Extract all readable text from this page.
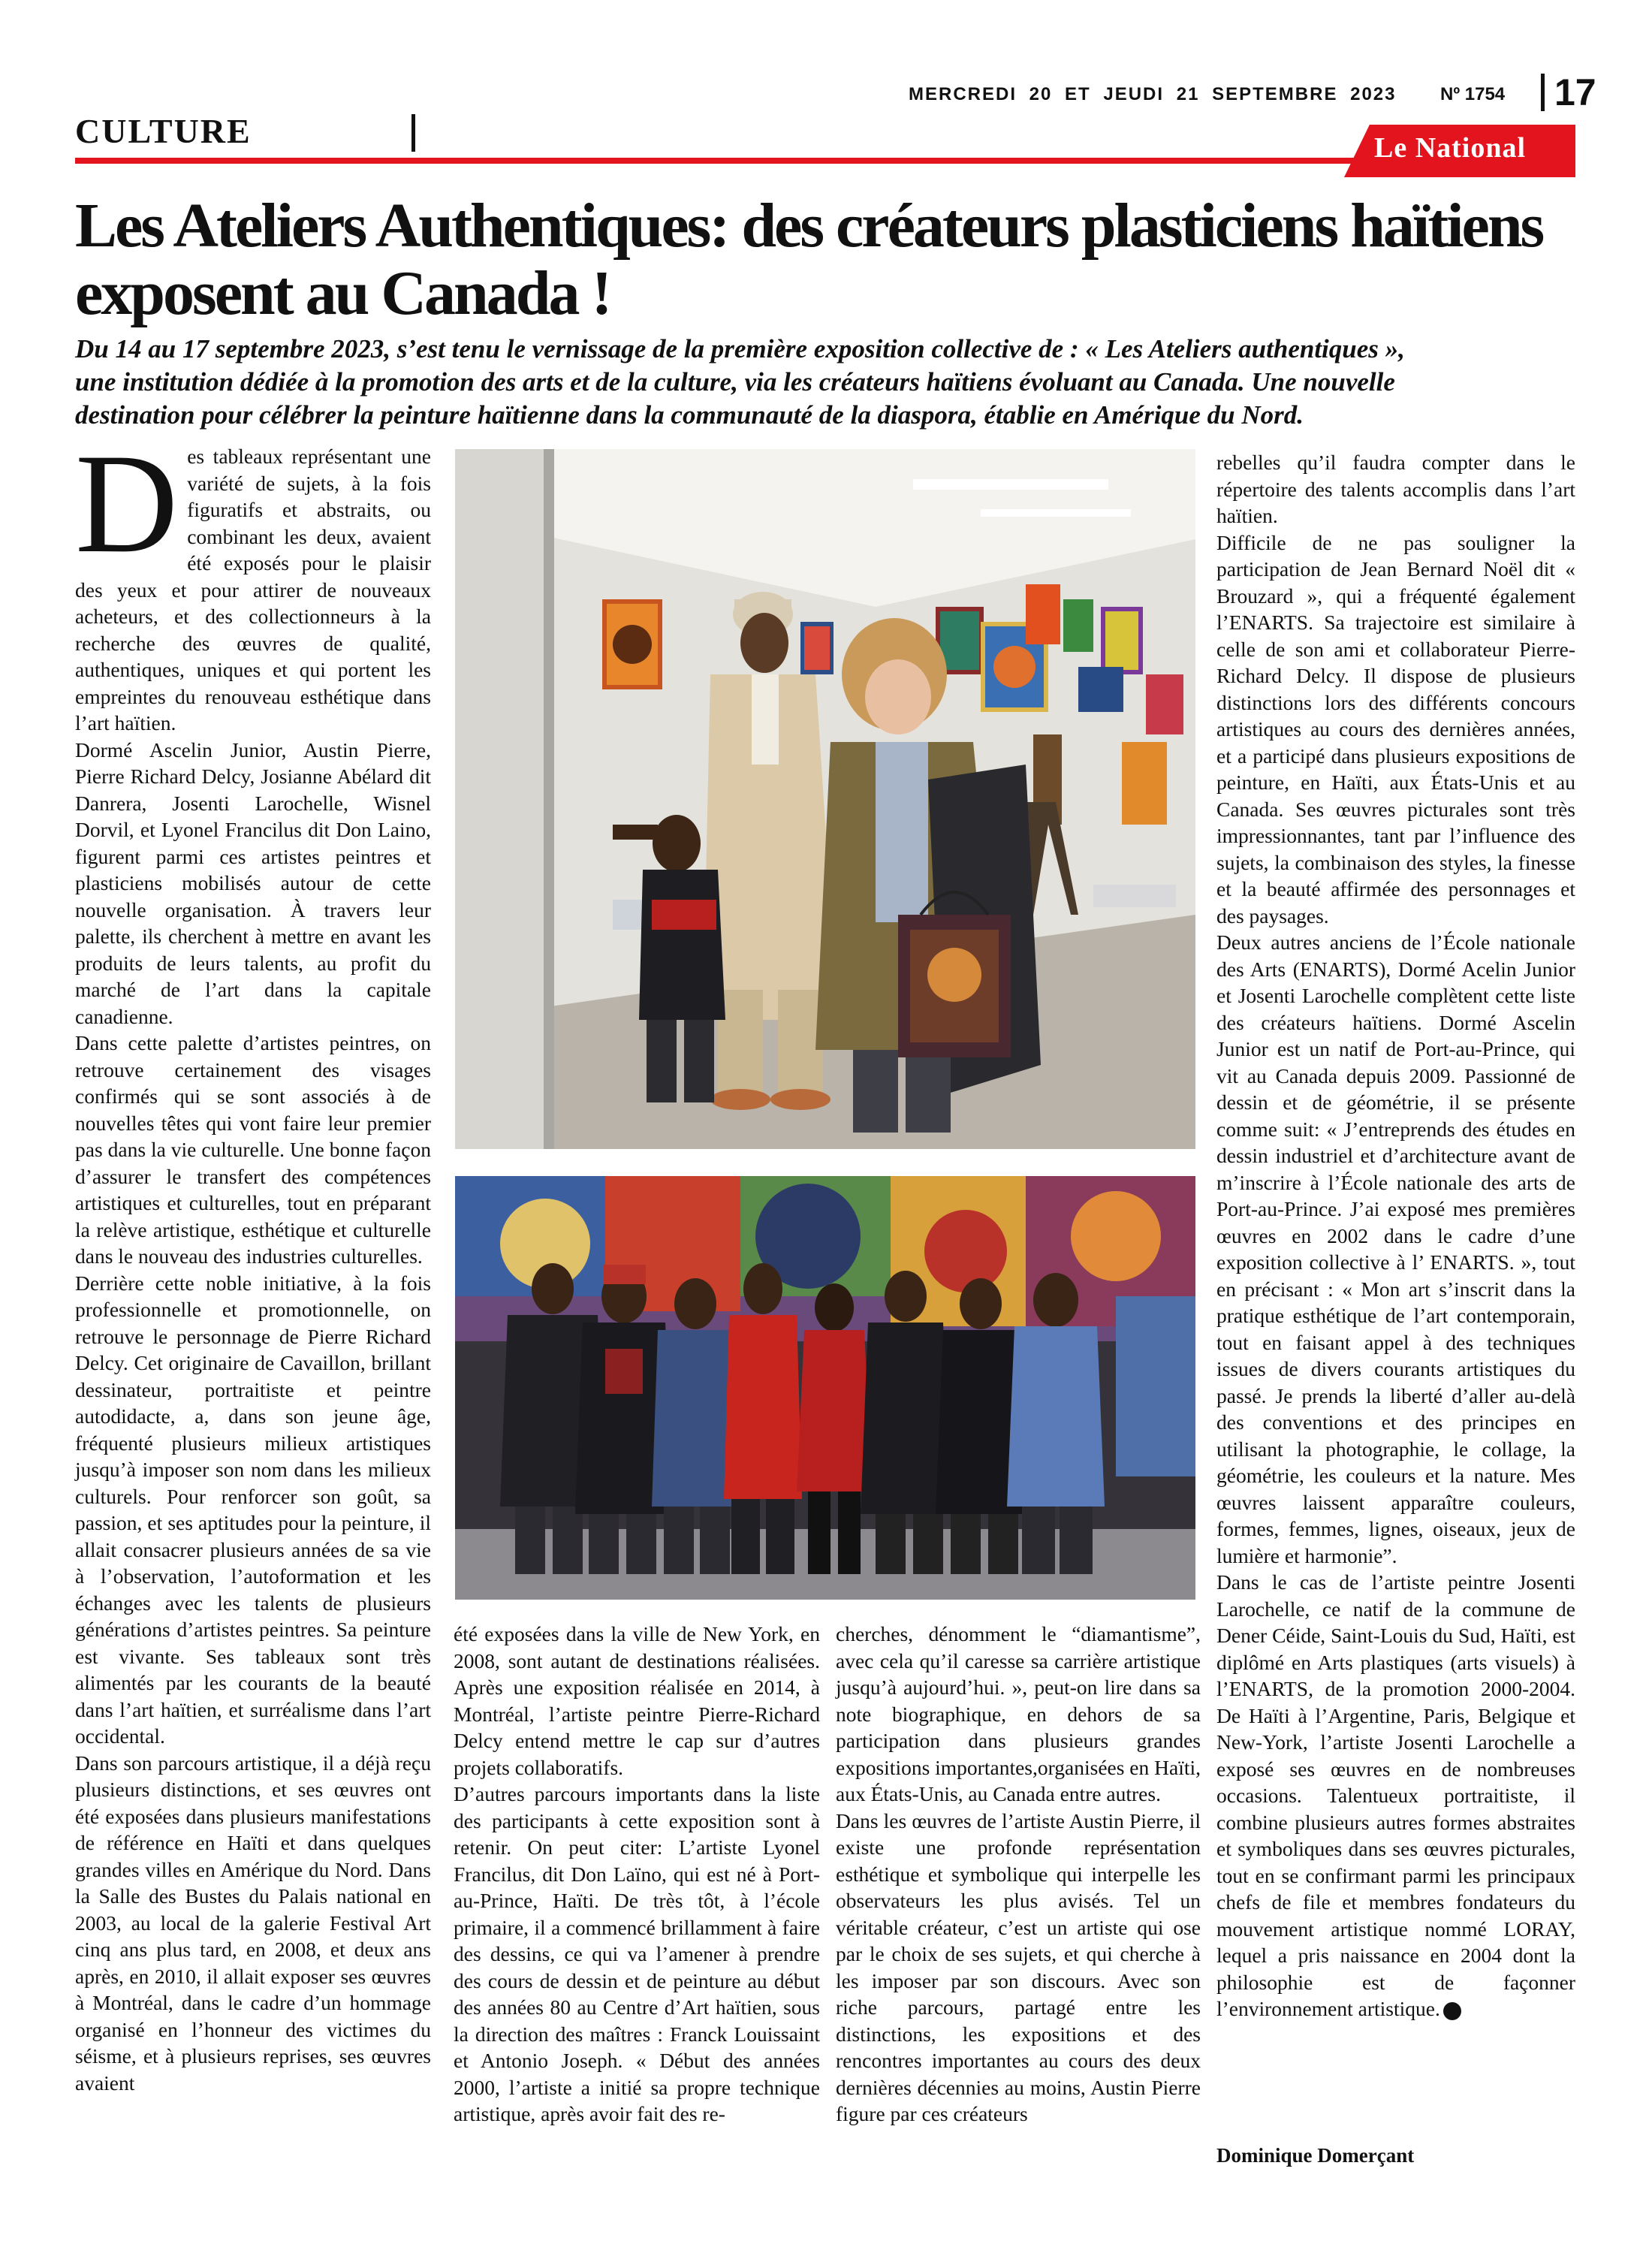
CULTURE
MERCREDI 20 ET JEUDI 21 SEPTEMBRE 2023 Nº 1754 17
Le National
Les Ateliers Authentiques: des créateurs plasticiens haïtiens exposent au Canada !
Du 14 au 17 septembre 2023, s’est tenu le vernissage de la première exposition collective de : « Les Ateliers authentiques »,
une institution dédiée à la promotion des arts et de la culture, via les créateurs haïtiens évoluant au Canada. Une nouvelle
destination pour célébrer la peinture haïtienne dans la communauté de la diaspora, établie en Amérique du Nord.
D es tableaux représentant une variété de sujets, à la fois figuratifs et abstraits, ou combinant les deux, avaient été exposés pour le plaisir des yeux et pour attirer de nouveaux acheteurs, et des collectionneurs à la recherche des œuvres de qualité, authentiques, uniques et qui portent les empreintes du renouveau esthétique dans l’art haïtien.

Dormé Ascelin Junior, Austin Pierre, Pierre Richard Delcy, Josianne Abélard dit Danrera, Josenti Larochelle, Wisnel Dorvil, et Lyonel Francilus dit Don Laino, figurent parmi ces artistes peintres et plasticiens mobilisés autour de cette nouvelle organisation. À travers leur palette, ils cherchent à mettre en avant les produits de leurs talents, au profit du marché de l’art dans la capitale canadienne.

Dans cette palette d’artistes peintres, on retrouve certainement des visages confirmés qui se sont associés à de nouvelles têtes qui vont faire leur premier pas dans la vie culturelle. Une bonne façon d’assurer le transfert des compétences artistiques et culturelles, tout en préparant la relève artistique, esthétique et culturelle dans le nouveau des industries culturelles.

Derrière cette noble initiative, à la fois professionnelle et promotionnelle, on retrouve le personnage de Pierre Richard Delcy. Cet originaire de Cavaillon, brillant dessinateur, portraitiste et peintre autodidacte, a, dans son jeune âge, fréquenté plusieurs milieux artistiques jusqu’à imposer son nom dans les milieux culturels. Pour renforcer son goût, sa passion, et ses aptitudes pour la peinture, il allait consacrer plusieurs années de sa vie à l’observation, l’autoformation et les échanges avec les talents de plusieurs générations d’artistes peintres. Sa peinture est vivante. Ses tableaux sont très alimentés par les courants de la beauté dans l’art haïtien, et surréalisme dans l’art occidental.

Dans son parcours artistique, il a déjà reçu plusieurs distinctions, et ses œuvres ont été exposées dans plusieurs manifestations de référence en Haïti et dans quelques grandes villes en Amérique du Nord. Dans la Salle des Bustes du Palais national en 2003, au local de la galerie Festival Art cinq ans plus tard, en 2008, et deux ans après, en 2010, il allait exposer ses œuvres à Montréal, dans le cadre d’un hommage organisé en l’honneur des victimes du séisme, et à plusieurs reprises, ses œuvres avaient

été exposées dans la ville de New York, en 2008, sont autant de destinations réalisées. Après une exposition réalisée en 2014, à Montréal, l’artiste peintre Pierre-Richard Delcy entend mettre le cap sur d’autres projets collaboratifs.

D’autres parcours importants dans la liste des participants à cette exposition sont à retenir. On peut citer: L’artiste Lyonel Francilus, dit Don Laïno, qui est né à Port-au-Prince, Haïti. De très tôt, à l’école primaire, il a commencé brillamment à faire des dessins, ce qui va l’amener à prendre des cours de dessin et de peinture au début des années 80 au Centre d’Art haïtien, sous la direction des maîtres : Franck Louissaint et Antonio Joseph. « Début des années 2000, l’artiste a initié sa propre technique artistique, après avoir fait des re-

cherches, dénomment le “diamantisme”, avec cela qu’il caresse sa carrière artistique jusqu’à aujourd’hui. », peut-on lire dans sa note biographique, en dehors de sa participation dans plusieurs grandes expositions importantes,organisées en Haïti, aux États-Unis, au Canada entre autres.

Dans les œuvres de l’artiste Austin Pierre, il existe une profonde représentation esthétique et symbolique qui interpelle les observateurs les plus avisés. Tel un véritable créateur, c’est un artiste qui ose par le choix de ses sujets, et qui cherche à les imposer par son discours. Avec son riche parcours, partagé entre les distinctions, les expositions et des rencontres importantes au cours des deux dernières décennies au moins, Austin Pierre figure par ces créateurs

rebelles qu’il faudra compter dans le répertoire des talents accomplis dans l’art haïtien.

Difficile de ne pas souligner la participation de Jean Bernard Noël dit « Brouzard », qui a fréquenté également l’ENARTS. Sa trajectoire est similaire à celle de son ami et collaborateur Pierre-Richard Delcy. Il dispose de plusieurs distinctions lors des différents concours artistiques au cours des dernières années, et a participé dans plusieurs expositions de peinture, en Haïti, aux États-Unis et au Canada. Ses œuvres picturales sont très impressionnantes, tant par l’influence des sujets, la combinaison des styles, la finesse et la beauté affirmée des personnages et des paysages.

Deux autres anciens de l’École nationale des Arts (ENARTS), Dormé Acelin Junior et Josenti Larochelle complètent cette liste des créateurs haïtiens. Dormé Ascelin Junior est un natif de Port-au-Prince, qui vit au Canada depuis 2009. Passionné de dessin et de géométrie, il se présente comme suit: « J’entreprends des études en dessin industriel et d’architecture avant de m’inscrire à l’École nationale des arts de Port-au-Prince. J’ai exposé mes premières œuvres en 2002 dans le cadre d’une exposition collective à l’ ENARTS. », tout en précisant : « Mon art s’inscrit dans la pratique esthétique de l’art contemporain, tout en faisant appel à des techniques issues de divers courants artistiques du passé. Je prends la liberté d’aller au-delà des conventions et des principes en utilisant la photographie, le collage, la géométrie, les couleurs et la nature. Mes œuvres laissent apparaître couleurs, formes, femmes, lignes, oiseaux, jeux de lumière et harmonie”.

Dans le cas de l’artiste peintre Josenti Larochelle, ce natif de la commune de Dener Céide, Saint-Louis du Sud, Haïti, est diplômé en Arts plastiques (arts visuels) à l’ENARTS, de la promotion 2000-2004. De Haïti à l’Argentine, Paris, Belgique et New-York, l’artiste Josenti Larochelle a exposé ses œuvres en de nombreuses occasions. Talentueux portraitiste, il combine plusieurs autres formes abstraites et symboliques dans ses œuvres picturales, tout en se confirmant parmi les principaux chefs de file et membres fondateurs du mouvement artistique nommé LORAY, lequel a pris naissance en 2004 dont la philosophie est de façonner l’environnement artistique.

Dominique Domerçant
